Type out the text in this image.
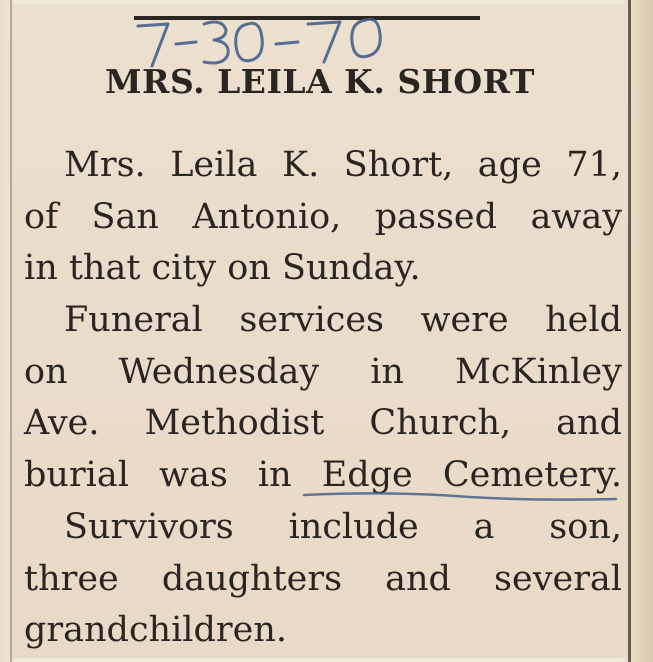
MRS. LEILA K. SHORT
Mrs. Leila K. Short, age 71,
of San Antonio, passed away
in that city on Sunday.
Funeral services were held
on Wednesday in McKinley
Ave. Methodist Church, and
burial was in Edge Cemetery.
Survivors include a son,
three daughters and several
grandchildren.
